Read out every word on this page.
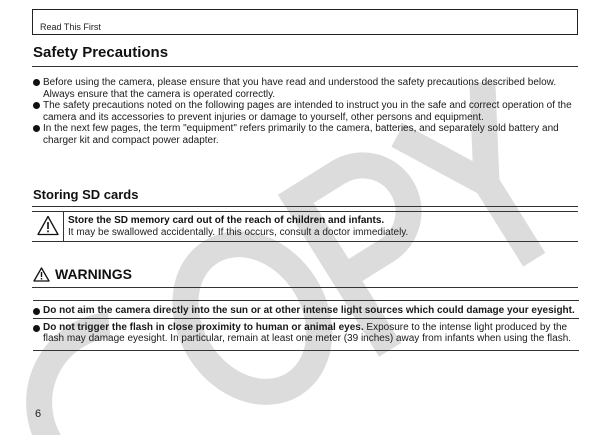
Read This First
Safety Precautions
Before using the camera, please ensure that you have read and understood the safety precautions described below. Always ensure that the camera is operated correctly.
The safety precautions noted on the following pages are intended to instruct you in the safe and correct operation of the camera and its accessories to prevent injuries or damage to yourself, other persons and equipment.
In the next few pages, the term "equipment" refers primarily to the camera, batteries, and separately sold battery and charger kit and compact power adapter.
Storing SD cards
Store the SD memory card out of the reach of children and infants.
It may be swallowed accidentally. If this occurs, consult a doctor immediately.
WARNINGS
Do not aim the camera directly into the sun or at other intense light sources which could damage your eyesight.
Do not trigger the flash in close proximity to human or animal eyes. Exposure to the intense light produced by the flash may damage eyesight. In particular, remain at least one meter (39 inches) away from infants when using the flash.
6
